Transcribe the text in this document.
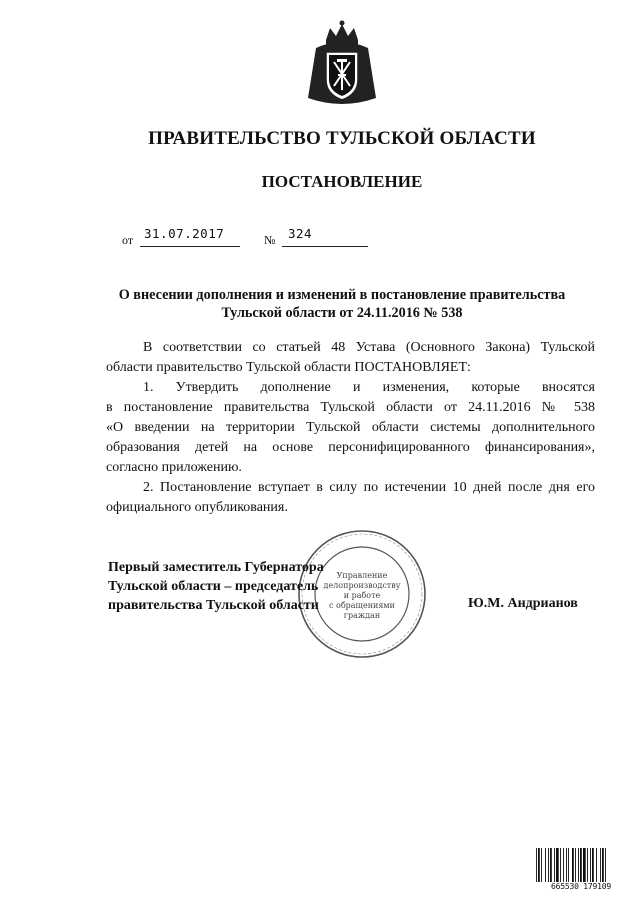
ПРАВИТЕЛЬСТВО ТУЛЬСКОЙ ОБЛАСТИ
ПОСТАНОВЛЕНИЕ
от 31.07.2017	№ 324
О внесении дополнения и изменений в постановление правительства
Тульской области от 24.11.2016 № 538

В соответствии со статьей 48 Устава (Основного Закона) Тульской

области правительство Тульской области ПОСТАНОВЛЯЕТ:

1. Утвердить дополнение и изменения, которые вносятся

в постановление правительства Тульской области от 24.11.2016 № 538

«О введении на территории Тульской области системы дополнительного

образования детей на основе персонифицированного финансирования»,

согласно приложению.

2. Постановление вступает в силу по истечении 10 дней после дня его

официального опубликования.

Управление
делопроизводству
и работе
с обращениями
граждан
Первый заместитель Губернатора
Тульской области – председатель
правительства Тульской области	Ю.М. Андрианов
665530 179109
